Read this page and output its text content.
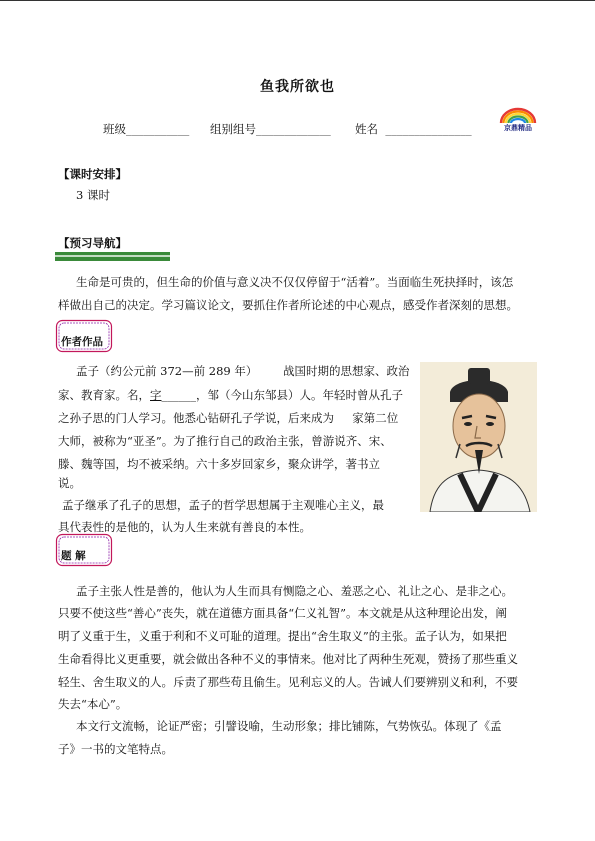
鱼我所欲也
班级___________ 组别组号_____________ 姓名 _______________	京鼎精品
【课时安排】
3 课时
【预习导航】
生命是可贵的，但生命的价值与意义决不仅仅停留于“活着”。当面临生死抉择时，该怎
样做出自己的决定。学习篇议论文，要抓住作者所论述的中心观点，感受作者深刻的思想。
作者作品
孟子（约公元前 372—前 289 年） 战国时期的思想家、政治
家、教育家。名，字______，邹（今山东邹县）人。年轻时曾从孔子
之孙子思的门人学习。他悉心钻研孔子学说，后来成为 家第二位
大师，被称为“亚圣”。为了推行自己的政治主张，曾游说齐、宋、
滕、魏等国，均不被采纳。六十多岁回家乡，聚众讲学，著书立
说。
孟子继承了孔子的思想，孟子的哲学思想属于主观唯心主义，最
具代表性的是他的，认为人生来就有善良的本性。
题 解
孟子主张人性是善的，他认为人生而具有恻隐之心、羞恶之心、礼让之心、是非之心。
只要不使这些“善心”丧失，就在道德方面具备“仁义礼智”。本文就是从这种理论出发，阐
明了义重于生，义重于利和不义可耻的道理。提出“舍生取义”的主张。孟子认为，如果把
生命看得比义更重要，就会做出各种不义的事情来。他对比了两种生死观，赞扬了那些重义
轻生、舍生取义的人。斥责了那些苟且偷生。见利忘义的人。告诫人们要辨别义和利，不要
失去“本心”。
本文行文流畅，论证严密；引譬设喻，生动形象；排比铺陈，气势恢弘。体现了《孟
子》一书的文笔特点。
